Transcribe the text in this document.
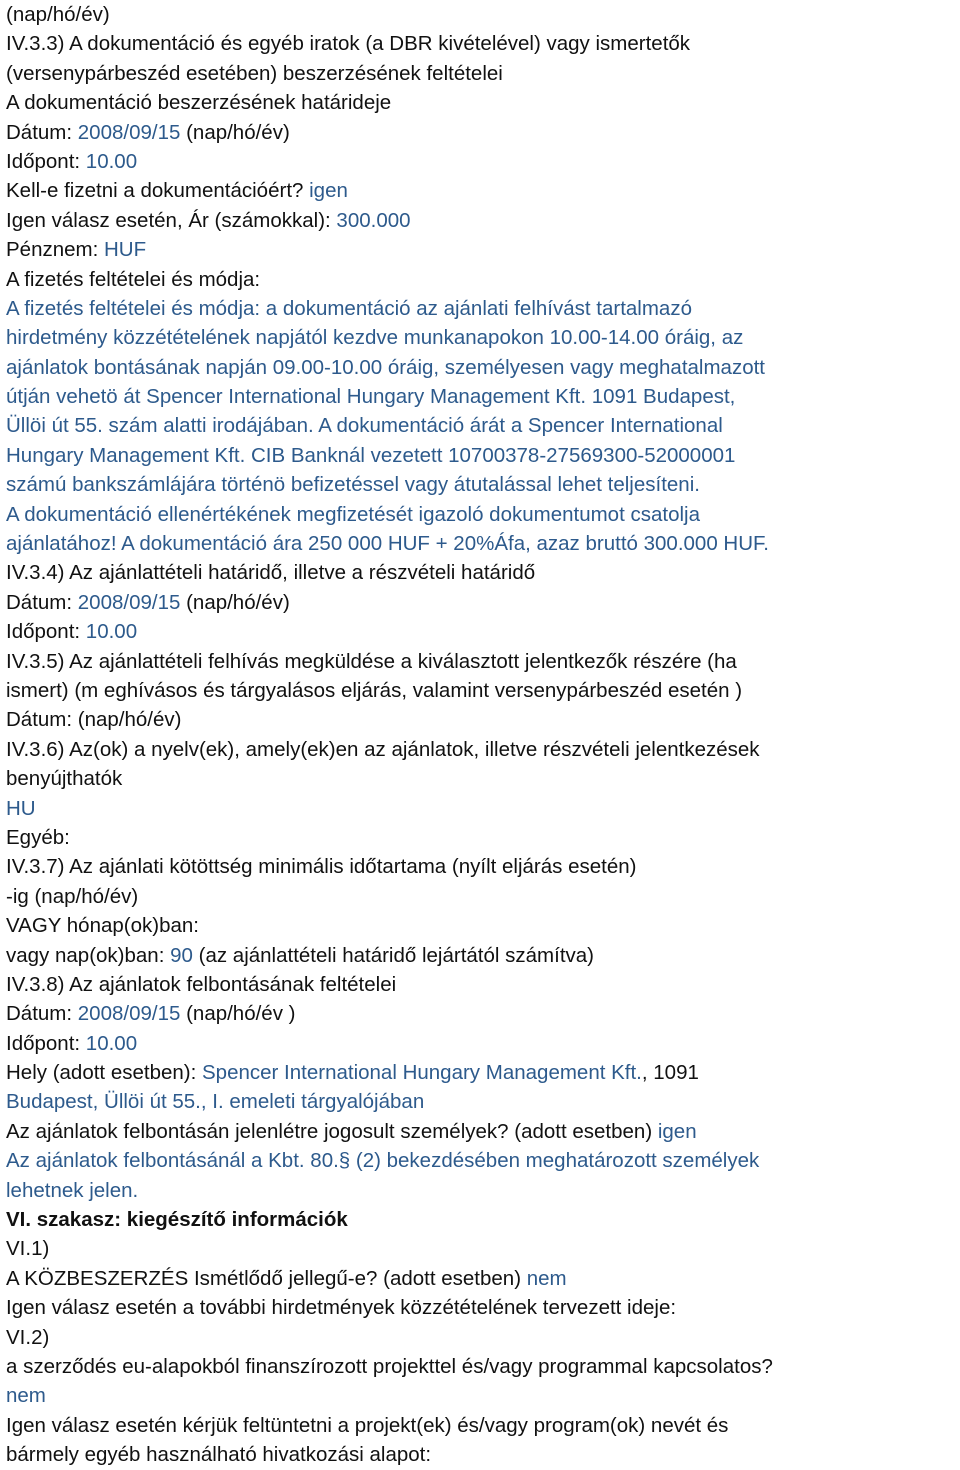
(nap/hó/év)
IV.3.3) A dokumentáció és egyéb iratok (a DBR kivételével) vagy ismertetők
(versenypárbeszéd esetében) beszerzésének feltételei
A dokumentáció beszerzésének határideje
Dátum: 2008/09/15 (nap/hó/év)
Időpont: 10.00
Kell-e fizetni a dokumentációért? igen
Igen válasz esetén, Ár (számokkal): 300.000
Pénznem: HUF
A fizetés feltételei és módja:
A fizetés feltételei és módja: a dokumentáció az ajánlati felhívást tartalmazó
hirdetmény közzétételének napjától kezdve munkanapokon 10.00-14.00 óráig, az
ajánlatok bontásának napján 09.00-10.00 óráig, személyesen vagy meghatalmazott
útján vehetö át Spencer International Hungary Management Kft. 1091 Budapest,
Üllöi út 55. szám alatti irodájában. A dokumentáció árát a Spencer International
Hungary Management Kft. CIB Banknál vezetett 10700378-27569300-52000001
számú bankszámlájára történö befizetéssel vagy átutalással lehet teljesíteni.
A dokumentáció ellenértékének megfizetését igazoló dokumentumot csatolja
ajánlatához! A dokumentáció ára 250 000 HUF + 20%Áfa, azaz bruttó 300.000 HUF.
IV.3.4) Az ajánlattételi határidő, illetve a részvételi határidő
Dátum: 2008/09/15 (nap/hó/év)
Időpont: 10.00
IV.3.5) Az ajánlattételi felhívás megküldése a kiválasztott jelentkezők részére (ha
ismert) (m eghívásos és tárgyalásos eljárás, valamint versenypárbeszéd esetén )
Dátum: (nap/hó/év)
IV.3.6) Az(ok) a nyelv(ek), amely(ek)en az ajánlatok, illetve részvételi jelentkezések
benyújthatók
HU
Egyéb:
IV.3.7) Az ajánlati kötöttség minimális időtartama (nyílt eljárás esetén)
-ig (nap/hó/év)
VAGY hónap(ok)ban:
vagy nap(ok)ban: 90 (az ajánlattételi határidő lejártától számítva)
IV.3.8) Az ajánlatok felbontásának feltételei
Dátum: 2008/09/15 (nap/hó/év )
Időpont: 10.00
Hely (adott esetben): Spencer International Hungary Management Kft., 1091
Budapest, Üllöi út 55., I. emeleti tárgyalójában
Az ajánlatok felbontásán jelenlétre jogosult személyek? (adott esetben) igen
Az ajánlatok felbontásánál a Kbt. 80.§ (2) bekezdésében meghatározott személyek
lehetnek jelen.
VI. szakasz: kiegészítő információk
VI.1)
A KÖZBESZERZÉS Ismétlődő jellegű-e? (adott esetben) nem
Igen válasz esetén a további hirdetmények közzétételének tervezett ideje:
VI.2)
a szerződés eu-alapokból finanszírozott projekttel és/vagy programmal kapcsolatos?
nem
Igen válasz esetén kérjük feltüntetni a projekt(ek) és/vagy program(ok) nevét és
bármely egyéb használható hivatkozási alapot:
